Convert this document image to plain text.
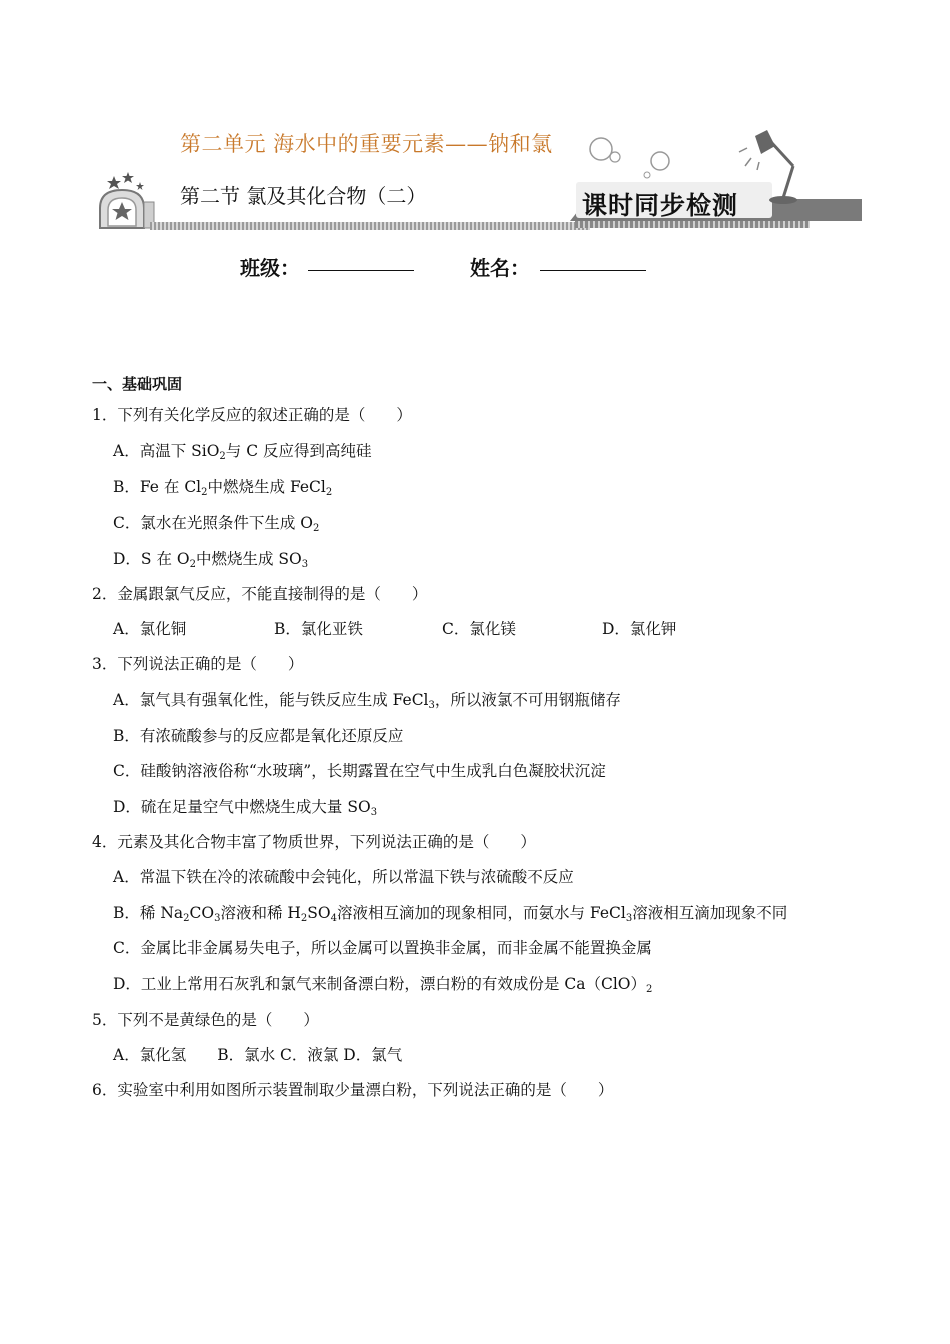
第二单元 海水中的重要元素——钠和氯
第二节 氯及其化合物（二）	课时同步检测
班级：	姓名：
一、基础巩固
1．下列有关化学反应的叙述正确的是（　　）
A．高温下 SiO$_2$与 C 反应得到高纯硅
B．Fe 在 $Cl_2$中燃烧生成 FeCl$_2$
C．氯水在光照条件下生成 $O_2$
D．S 在 $O_2$中燃烧生成 $SO_3$
2．金属跟氯气反应，不能直接制得的是（　　）
A．氯化铜	B．氯化亚铁	C．氯化镁	D．氯化钾
3．下列说法正确的是（　　）
A．氯气具有强氧化性，能与铁反应生成 FeCl$_3$，所以液氯不可用钢瓶储存
B．有浓硫酸参与的反应都是氧化还原反应
C．硅酸钠溶液俗称“水玻璃”，长期露置在空气中生成乳白色凝胶状沉淀
D．硫在足量空气中燃烧生成大量 $SO_3$
4．元素及其化合物丰富了物质世界，下列说法正确的是（　　）
A．常温下铁在冷的浓硫酸中会钝化，所以常温下铁与浓硫酸不反应
B．稀 $Na_2CO_3$溶液和稀 $H_2SO_4$溶液相互滴加的现象相同，而氨水与 FeCl$_3$溶液相互滴加现象不同
C．金属比非金属易失电子，所以金属可以置换非金属，而非金属不能置换金属
D．工业上常用石灰乳和氯气来制备漂白粉，漂白粉的有效成份是 $Ca(ClO)_2$
5．下列不是黄绿色的是（　　）
A．氯化氢　　B．氯水 C．液氯 D．氯气
6．实验室中利用如图所示装置制取少量漂白粉，下列说法正确的是（　　）
